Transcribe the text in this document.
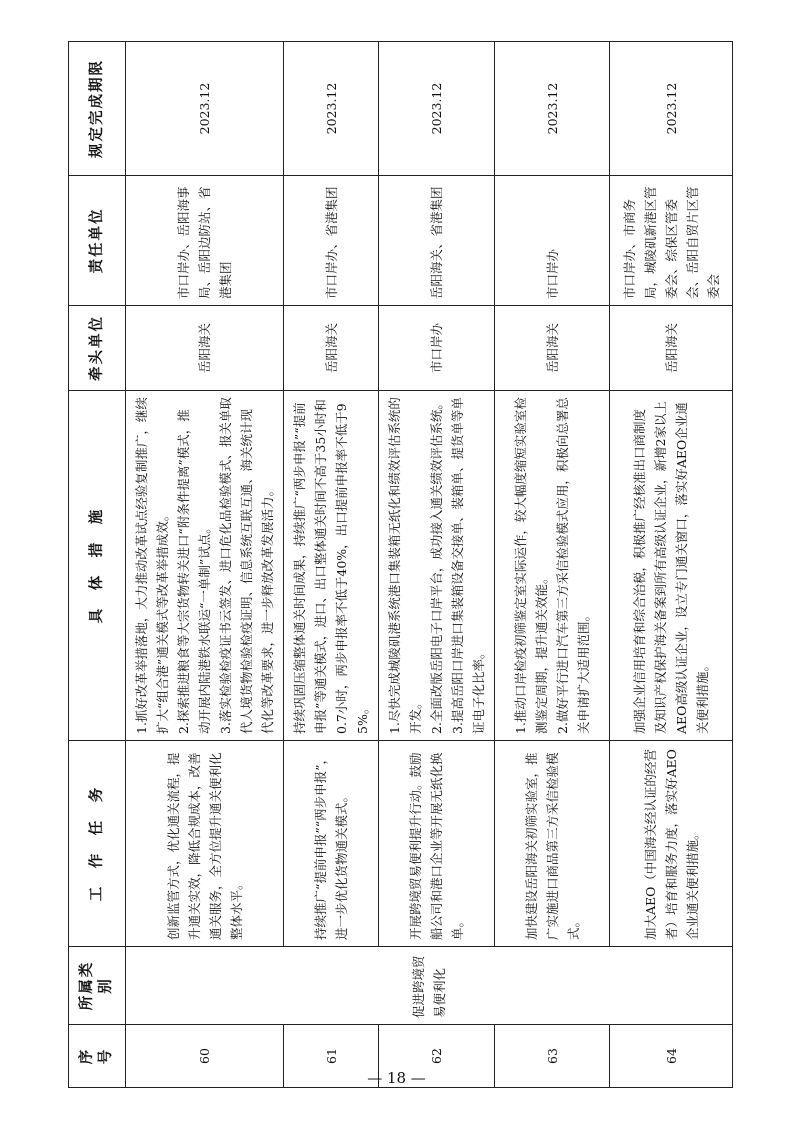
序
号	所属类别	工　作　任　务	具　体　措　施	牵头单位	责任单位	规定完成期限
60	促进跨境贸易便利化	创新监管方式，优化通关流程，提升通关实效，降低合规成本，改善通关服务，全方位提升通关便利化整体水平。	1.抓好改革举措落地，大力推动改革试点经验复制推广，继续扩大“组合港”通关模式等改革举措成效。 2.探索推进粮食等大宗货物转关进口“附条件提离”模式，推动开展内陆港铁水联运“一单制”试点。 3.落实检验检疫证书云签发、进口危化品检验模式、报关单取代人境货物检验检疫证明、信息系统互联互通、海关统计现代化等改革要求，进一步释放改革发展活力。	岳阳海关	市口岸办、岳阳海事局、岳阳边防站、省港集团	2023.12
61		持续推广“提前申报”“两步申报”，进一步优化货物通关模式。	持续巩固压缩整体通关时间成果，持续推广“两步申报”“提前申报”等通关模式，进口、出口整体通关时间不高于35小时和0.7小时，两步申报率不低于40%，出口提前申报率不低于95%。	岳阳海关	市口岸办、省港集团	2023.12
62		开展跨境贸易便利提升行动。鼓励船公司和港口企业等开展无纸化换单。	1.尽快完成城陵矶港系统港口集装箱无纸化和绩效评估系统的开发。 2.全面改版岳阳电子口岸平台，成功接入通关绩效评估系统。 3.提高岳阳口岸进口集装箱设备交接单、装箱单、提货单等单证电子化比率。	市口岸办	岳阳海关、省港集团	2023.12
63		加快建设岳阳海关初筛实验室，推广实施进口商品第三方采信检验模式。	1.推动口岸检疫初筛鉴定室实际运作，较大幅度缩短实验室检测鉴定周期，提升通关效能。 2.做好平行进口汽车第三方采信检验模式应用，积极向总署总关申请扩大适用范围。	岳阳海关	市口岸办	2023.12
64		加大AEO（中国海关经认证的经营者）培育和服务力度，落实好AEO企业通关便利措施。	加强企业信用培育和综合治税，积极推广经核准出口商制度及知识产权保护海关备案到所有高级认证企业，新增2家以上AEO高级认证企业，设立专门通关窗口，落实好AEO企业通关便利措施。	岳阳海关	市口岸办、市商务局，城陵矶新港区管委会、综保区管委会、岳阳自贸片区管委会	2023.12
— 18 —
